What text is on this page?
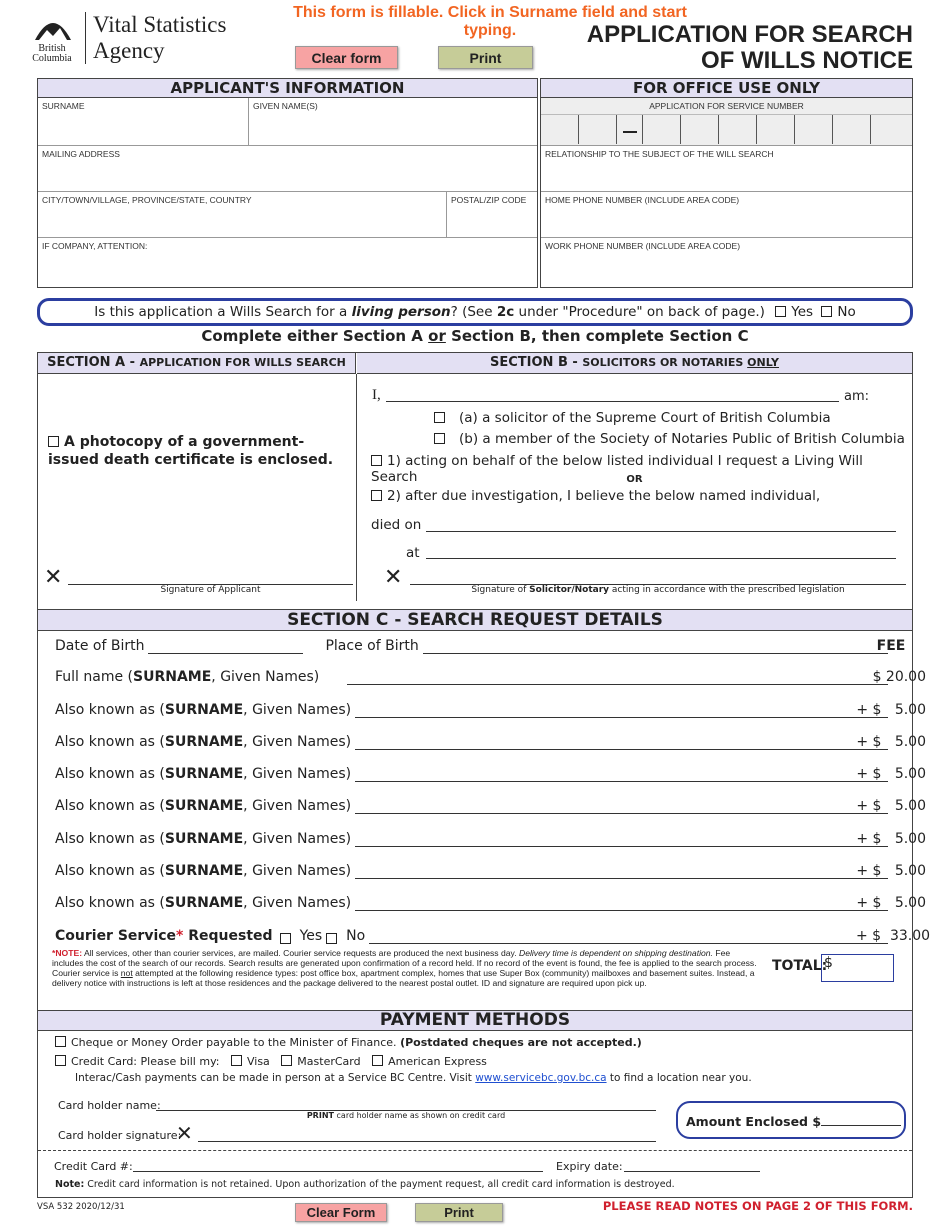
British
Columbia
Vital Statistics
Agency
This form is fillable. Click in Surname field and start typing.
Clear form	Print
APPLICATION FOR SEARCH
OF WILLS NOTICE
APPLICANT'S INFORMATION
SURNAME	GIVEN NAME(S)
MAILING ADDRESS
CITY/TOWN/VILLAGE, PROVINCE/STATE, COUNTRY	POSTAL/ZIP CODE
IF COMPANY, ATTENTION:
FOR OFFICE USE ONLY
APPLICATION FOR SERVICE NUMBER
RELATIONSHIP TO THE SUBJECT OF THE WILL SEARCH
HOME PHONE NUMBER (INCLUDE AREA CODE)
WORK PHONE NUMBER (INCLUDE AREA CODE)
Is this application a Wills Search for a living person? (See 2c under "Procedure" on back of page.) Yes No
Complete either Section A or Section B, then complete Section C
SECTION A - APPLICATION FOR WILLS SEARCH	SECTION B - SOLICITORS OR NOTARIES ONLY
A photocopy of a government-issued death certificate is enclosed.
✕	Signature of Applicant
I,	am:
(a) a solicitor of the Supreme Court of British Columbia
(b) a member of the Society of Notaries Public of British Columbia
1) acting on behalf of the below listed individual I request a Living Will Search	OR
2) after due investigation, I believe the below named individual,
died on
at
✕	Signature of Solicitor/Notary acting in accordance with the prescribed legislation
SECTION C - SEARCH REQUEST DETAILS
Date of Birth	Place of Birth	FEE
Full name (SURNAME, Given Names)	$ 20.00
Also known as (SURNAME, Given Names)	+ $   5.00
Also known as (SURNAME, Given Names)	+ $   5.00
Also known as (SURNAME, Given Names)	+ $   5.00
Also known as (SURNAME, Given Names)	+ $   5.00
Also known as (SURNAME, Given Names)	+ $   5.00
Also known as (SURNAME, Given Names)	+ $   5.00
Also known as (SURNAME, Given Names)	+ $   5.00
Courier Service* Requested Yes No	+ $  33.00
*NOTE: All services, other than courier services, are mailed. Courier service requests are produced the next business day. Delivery time is dependent on shipping destination. Fee includes the cost of the search of our records. Search results are generated upon confirmation of a record held. If no record of the event is found, the fee is applied to the search process. Courier service is not attempted at the following residence types: post office box, apartment complex, homes that use Super Box (community) mailboxes and basement suites. Instead, a delivery notice with instructions is left at those residences and the package delivered to the nearest postal outlet. ID and signature are required upon pick up.
TOTAL:
$
PAYMENT METHODS
Cheque or Money Order payable to the Minister of Finance. (Postdated cheques are not accepted.)
Credit Card: Please bill my:	Visa	MasterCard	American Express
Interac/Cash payments can be made in person at a Service BC Centre. Visit www.servicebc.gov.bc.ca to find a location near you.
Card holder name:
PRINT card holder name as shown on credit card
Card holder signature:
✕	Amount Enclosed $
Credit Card #:	Expiry date:
Note: Credit card information is not retained. Upon authorization of the payment request, all credit card information is destroyed.
VSA 532 2020/12/31	Clear Form	Print	PLEASE READ NOTES ON PAGE 2 OF THIS FORM.
